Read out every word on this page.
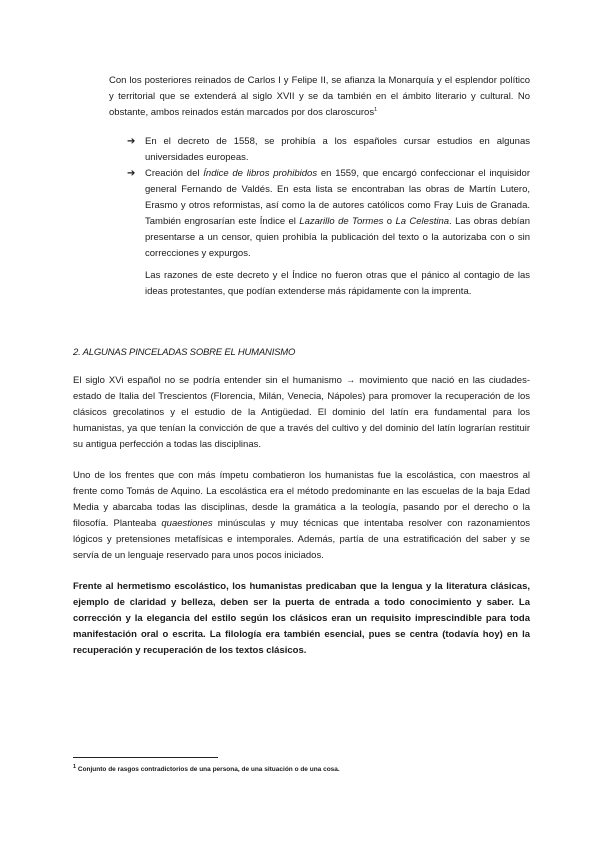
Con los posteriores reinados de Carlos I y Felipe II, se afianza la Monarquía y el esplendor político y territorial que se extenderá al siglo XVII y se da también en el ámbito literario y cultural. No obstante, ambos reinados están marcados por dos claroscuros$^1$

➔ En el decreto de 1558, se prohibía a los españoles cursar estudios en algunas universidades europeas.
➔ Creación del Índice de libros prohibidos en 1559, que encargó confeccionar el inquisidor general Fernando de Valdés. En esta lista se encontraban las obras de Martín Lutero, Erasmo y otros reformistas, así como la de autores católicos como Fray Luis de Granada. También engrosarían este Índice el Lazarillo de Tormes o La Celestina. Las obras debían presentarse a un censor, quien prohibía la publicación del texto o la autorizaba con o sin correcciones y expurgos.

Las razones de este decreto y el Índice no fueron otras que el pánico al contagio de las ideas protestantes, que podían extenderse más rápidamente con la imprenta.

2. ALGUNAS PINCELADAS SOBRE EL HUMANISMO

El siglo XVi español no se podría entender sin el humanismo → movimiento que nació en las ciudades-estado de Italia del Trescientos (Florencia, Milán, Venecia, Nápoles) para promover la recuperación de los clásicos grecolatinos y el estudio de la Antigüedad. El dominio del latín era fundamental para los humanistas, ya que tenían la convicción de que a través del cultivo y del dominio del latín lograrían restituir su antigua perfección a todas las disciplinas.

Uno de los frentes que con más ímpetu combatieron los humanistas fue la escolástica, con maestros al frente como Tomás de Aquino. La escolástica era el método predominante en las escuelas de la baja Edad Media y abarcaba todas las disciplinas, desde la gramática a la teología, pasando por el derecho o la filosofía. Planteaba quaestiones minúsculas y muy técnicas que intentaba resolver con razonamientos lógicos y pretensiones metafísicas e intemporales. Además, partía de una estratificación del saber y se servía de un lenguaje reservado para unos pocos iniciados.

Frente al hermetismo escolástico, los humanistas predicaban que la lengua y la literatura clásicas, ejemplo de claridad y belleza, deben ser la puerta de entrada a todo conocimiento y saber. La corrección y la elegancia del estilo según los clásicos eran un requisito imprescindible para toda manifestación oral o escrita. La filología era también esencial, pues se centra (todavía hoy) en la recuperación y recuperación de los textos clásicos.

$^1$ Conjunto de rasgos contradictorios de una persona, de una situación o de una cosa.
